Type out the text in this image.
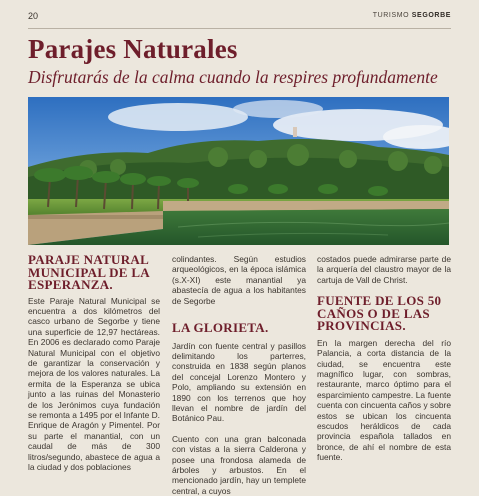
20	TURISMO SEGORBE
Parajes Naturales
Disfrutarás de la calma cuando la respires profundamente
PARAJE NATURAL MUNICIPAL DE LA ESPERANZA.

Este Paraje Natural Municipal se encuentra a dos kilómetros del casco urbano de Segorbe y tiene una superficie de 12,97 hectáreas. En 2006 es declarado como Paraje Natural Municipal con el objetivo de garantizar la conservación y mejora de los valores naturales. La ermita de la Esperanza se ubica junto a las ruinas del Monasterio de los Jerónimos cuya fundación se remonta a 1495 por el Infante D. Enrique de Aragón y Pimentel. Por su parte el manantial, con un caudal de más de 300 litros/segundo, abastece de agua a la ciudad y dos poblaciones

colindantes. Según estudios arqueológicos, en la época islámica (s.X-XI) este manantial ya abastecía de agua a los habitantes de Segorbe

LA GLORIETA.

Jardín con fuente central y pasillos delimitando los parterres, construida en 1838 según planos del concejal Lorenzo Montero y Polo, ampliando su extensión en 1890 con los terrenos que hoy llevan el nombre de jardín del Botánico Pau.

Cuento con una gran balconada con vistas a la sierra Calderona y posee una frondosa alameda de árboles y arbustos. En el mencionado jardín, hay un templete central, a cuyos

costados puede admirarse parte de la arquería del claustro mayor de la cartuja de Vall de Christ.

FUENTE DE LOS 50 CAÑOS O DE LAS PROVINCIAS.

En la margen derecha del río Palancia, a corta distancia de la ciudad, se encuentra este magnífico lugar, con sombras, restaurante, marco óptimo para el esparcimiento campestre. La fuente cuenta con cincuenta caños y sobre estos se ubican los cincuenta escudos heráldicos de cada provincia española tallados en bronce, de ahí el nombre de esta fuente.
